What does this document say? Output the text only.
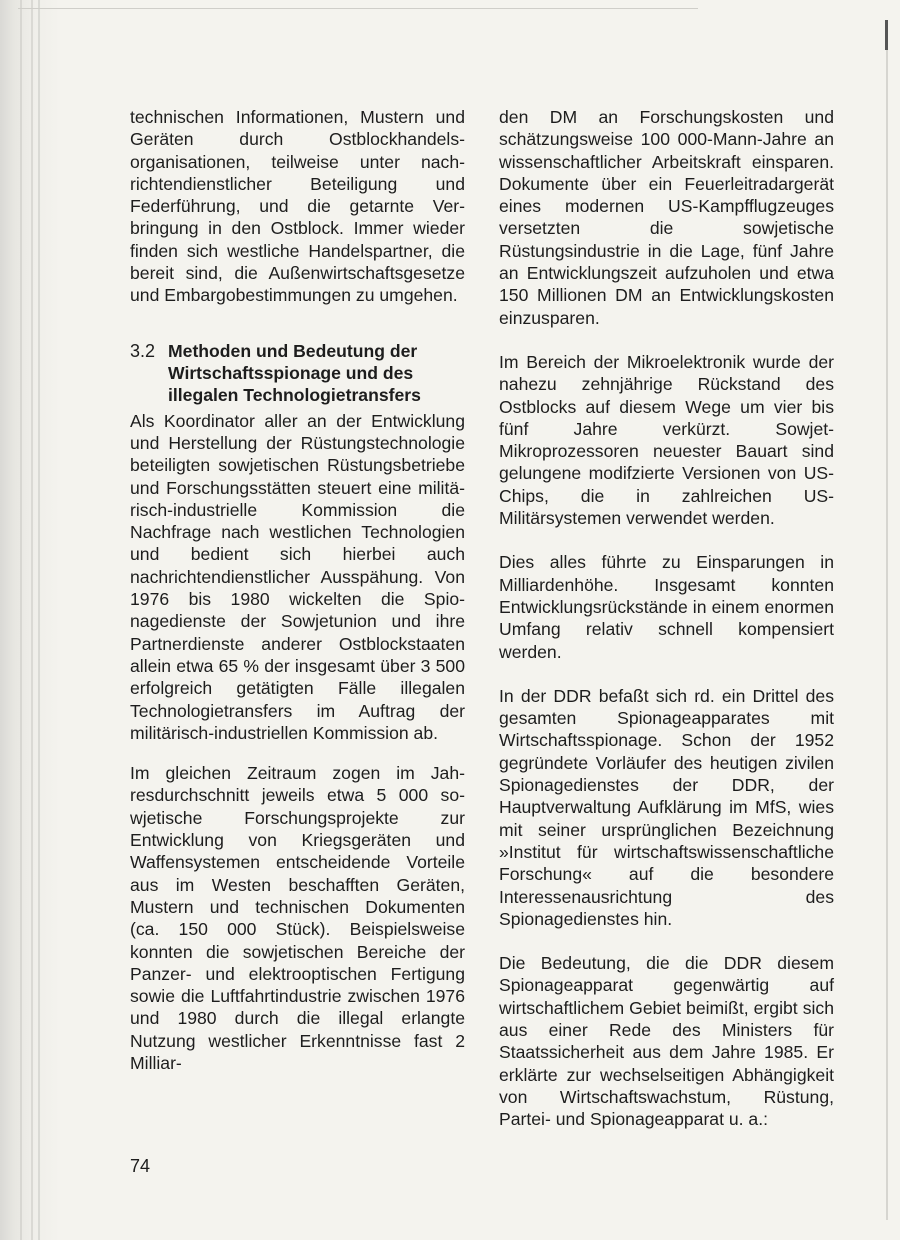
technischen Informationen, Mustern und Geräten durch Ostblockhandelsorganisationen, teilweise unter nachrichtendienstlicher Beteiligung und Federführung, und die getarnte Verbringung in den Ostblock. Immer wieder finden sich westliche Handelspartner, die bereit sind, die Außenwirtschaftsgesetze und Embargobestimmungen zu umgehen.

3.2 Methoden und Bedeutung der Wirtschaftsspionage und des illegalen Technologietransfers

Als Koordinator aller an der Entwicklung und Herstellung der Rüstungstechnologie beteiligten sowjetischen Rüstungsbetriebe und Forschungsstätten steuert eine militärisch-industrielle Kommission die Nachfrage nach westlichen Technologien und bedient sich hierbei auch nachrichtendienstlicher Ausspähung. Von 1976 bis 1980 wickelten die Spionagedienste der Sowjetunion und ihre Partnerdienste anderer Ostblockstaaten allein etwa 65 % der insgesamt über 3 500 erfolgreich getätigten Fälle illegalen Technologietransfers im Auftrag der militärisch-industriellen Kommission ab.

Im gleichen Zeitraum zogen im Jahresdurchschnitt jeweils etwa 5 000 sowjetische Forschungsprojekte zur Entwicklung von Kriegsgeräten und Waffensystemen entscheidende Vorteile aus im Westen beschafften Geräten, Mustern und technischen Dokumenten (ca. 150 000 Stück). Beispielsweise konnten die sowjetischen Bereiche der Panzer- und elektrooptischen Fertigung sowie die Luftfahrtindustrie zwischen 1976 und 1980 durch die illegal erlangte Nutzung westlicher Erkenntnisse fast 2 Milliar-

den DM an Forschungskosten und schätzungsweise 100 000-Mann-Jahre an wissenschaftlicher Arbeitskraft einsparen. Dokumente über ein Feuerleitradargerät eines modernen US-Kampfflugzeuges versetzten die sowjetische Rüstungsindustrie in die Lage, fünf Jahre an Entwicklungszeit aufzuholen und etwa 150 Millionen DM an Entwicklungskosten einzusparen.

Im Bereich der Mikroelektronik wurde der nahezu zehnjährige Rückstand des Ostblocks auf diesem Wege um vier bis fünf Jahre verkürzt. Sowjet-Mikroprozessoren neuester Bauart sind gelungene modifzierte Versionen von US-Chips, die in zahlreichen US-Militärsystemen verwendet werden.

Dies alles führte zu Einsparungen in Milliardenhöhe. Insgesamt konnten Entwicklungsrückstände in einem enormen Umfang relativ schnell kompensiert werden.

In der DDR befaßt sich rd. ein Drittel des gesamten Spionageapparates mit Wirtschaftsspionage. Schon der 1952 gegründete Vorläufer des heutigen zivilen Spionagedienstes der DDR, der Hauptverwaltung Aufklärung im MfS, wies mit seiner ursprünglichen Bezeichnung »Institut für wirtschaftswissenschaftliche Forschung« auf die besondere Interessenausrichtung des Spionagedienstes hin.

Die Bedeutung, die die DDR diesem Spionageapparat gegenwärtig auf wirtschaftlichem Gebiet beimißt, ergibt sich aus einer Rede des Ministers für Staatssicherheit aus dem Jahre 1985. Er erklärte zur wechselseitigen Abhängigkeit von Wirtschaftswachstum, Rüstung, Partei- und Spionageapparat u. a.:

74
